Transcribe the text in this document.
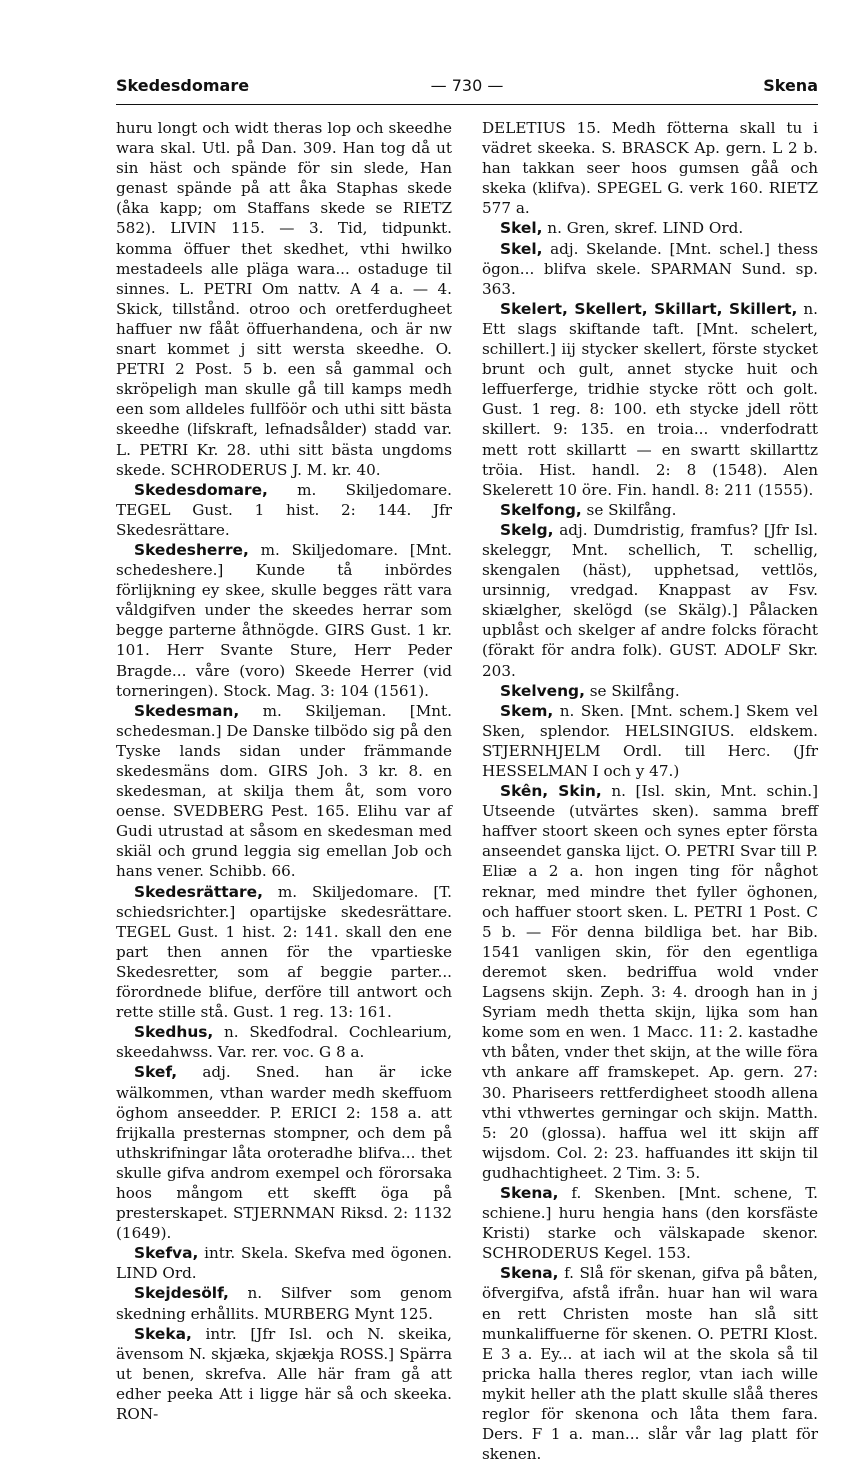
Skedesdomare	— 730 —	Skena

huru longt och widt theras lop och skeedhe wara skal. Utl. på Dan. 309. Han tog då ut sin häst och spände för sin slede, Han genast spände på att åka Staphas skede (åka kapp; om Staffans skede se RIETZ 582). LIVIN 115. — 3. Tid, tidpunkt. komma öffuer thet skedhet, vthi hwilko mestadeels alle pläga wara... ostaduge til sinnes. L. PETRI Om nattv. A 4 a. — 4. Skick, tillstånd. otroo och oretferdugheet haffuer nw fååt öffuerhandena, och är nw snart kommet j sitt wersta skeedhe. O. PETRI 2 Post. 5 b. een så gammal och skröpeligh man skulle gå till kamps medh een som alldeles fullföör och uthi sitt bästa skeedhe (lifskraft, lefnadsålder) stadd var. L. PETRI Kr. 28. uthi sitt bästa ungdoms skede. SCHRODERUS J. M. kr. 40.

Skedesdomare, m. Skiljedomare. TEGEL Gust. 1 hist. 2: 144. Jfr Skedesrättare.

Skedesherre, m. Skiljedomare. [Mnt. schedeshere.] Kunde tå inbördes förlijkning ey skee, skulle begges rätt vara våldgifven under the skeedes herrar som begge parterne åthnögde. GIRS Gust. 1 kr. 101. Herr Svante Sture, Herr Peder Bragde... våre (voro) Skeede Herrer (vid torneringen). Stock. Mag. 3: 104 (1561).

Skedesman, m. Skiljeman. [Mnt. schedesman.] De Danske tilbödo sig på den Tyske lands sidan under främmande skedesmäns dom. GIRS Joh. 3 kr. 8. en skedesman, at skilja them åt, som voro oense. SVEDBERG Pest. 165. Elihu var af Gudi utrustad at såsom en skedesman med skiäl och grund leggia sig emellan Job och hans vener. Schibb. 66.

Skedesrättare, m. Skiljedomare. [T. schiedsrichter.] opartijske skedesrättare. TEGEL Gust. 1 hist. 2: 141. skall den ene part then annen för the vpartieske Skedesretter, som af beggie parter... förordnede blifue, derföre till antwort och rette stille stå. Gust. 1 reg. 13: 161.

Skedhus, n. Skedfodral. Cochlearium, skeedahwss. Var. rer. voc. G 8 a.

Skef, adj. Sned. han är icke wälkommen, vthan warder medh skeffuom öghom anseedder. P. ERICI 2: 158 a. att frijkalla presternas stompner, och dem på uthskrifningar låta oroteradhe blifva... thet skulle gifva androm exempel och förorsaka hoos mångom ett skefft öga på presterskapet. STJERNMAN Riksd. 2: 1132 (1649).

Skefva, intr. Skela. Skefva med ögonen. LIND Ord.

Skejdesölf, n. Silfver som genom skedning erhållits. MURBERG Mynt 125.

Skeka, intr. [Jfr Isl. och N. skeika, ävensom N. skjæka, skjækja ROSS.] Spärra ut benen, skrefva. Alle här fram gå att edher peeka Att i ligge här så och skeeka. RON-

DELETIUS 15. Medh fötterna skall tu i vädret skeeka. S. BRASCK Ap. gern. L 2 b. han takkan seer hoos gumsen gåå och skeka (klifva). SPEGEL G. verk 160. RIETZ 577 a.

Skel, n. Gren, skref. LIND Ord.

Skel, adj. Skelande. [Mnt. schel.] thess ögon... blifva skele. SPARMAN Sund. sp. 363.

Skelert, Skellert, Skillart, Skillert, n. Ett slags skiftande taft. [Mnt. schelert, schillert.] iij stycker skellert, förste stycket brunt och gult, annet stycke huit och leffuerferge, tridhie stycke rött och golt. Gust. 1 reg. 8: 100. eth stycke jdell rött skillert. 9: 135. en troia... vnderfodratt mett rott skillartt — en swartt skillarttz tröia. Hist. handl. 2: 8 (1548). Alen Skelerett 10 öre. Fin. handl. 8: 211 (1555).

Skelfong, se Skilfång.

Skelg, adj. Dumdristig, framfus? [Jfr Isl. skeleggr, Mnt. schellich, T. schellig, skengalen (häst), upphetsad, vettlös, ursinnig, vredgad. Knappast av Fsv. skiælgher, skelögd (se Skälg).] Pålacken upblåst och skelger af andre folcks föracht (förakt för andra folk). GUST. ADOLF Skr. 203.

Skelveng, se Skilfång.

Skem, n. Sken. [Mnt. schem.] Skem vel Sken, splendor. HELSINGIUS. eldskem. STJERNHJELM Ordl. till Herc. (Jfr HESSELMAN I och y 47.)

Skên, Skin, n. [Isl. skin, Mnt. schin.] Utseende (utvärtes sken). samma breff haffver stoort skeen och synes epter första anseendet ganska lijct. O. PETRI Svar till P. Eliæ a 2 a. hon ingen ting för någhot reknar, med mindre thet fyller öghonen, och haffuer stoort sken. L. PETRI 1 Post. C 5 b. — För denna bildliga bet. har Bib. 1541 vanligen skin, för den egentliga deremot sken. bedriffua wold vnder Lagsens skijn. Zeph. 3: 4. droogh han in j Syriam medh thetta skijn, lijka som han kome som en wen. 1 Macc. 11: 2. kastadhe vth båten, vnder thet skijn, at the wille föra vth ankare aff framskepet. Ap. gern. 27: 30. Phariseers rettferdigheet stoodh allena vthi vthwertes gerningar och skijn. Matth. 5: 20 (glossa). haffua wel itt skijn aff wijsdom. Col. 2: 23. haffuandes itt skijn til gudhachtigheet. 2 Tim. 3: 5.

Skena, f. Skenben. [Mnt. schene, T. schiene.] huru hengia hans (den korsfäste Kristi) starke och välskapade skenor. SCHRODERUS Kegel. 153.

Skena, f. Slå för skenan, gifva på båten, öfvergifva, afstå ifrån. huar han wil wara en rett Christen moste han slå sitt munkaliffuerne för skenen. O. PETRI Klost. E 3 a. Ey... at iach wil at the skola så til pricka halla theres reglor, vtan iach wille mykit heller ath the platt skulle slåå theres reglor för skenona och låta them fara. Ders. F 1 a. man... slår vår lag platt för skenen.
